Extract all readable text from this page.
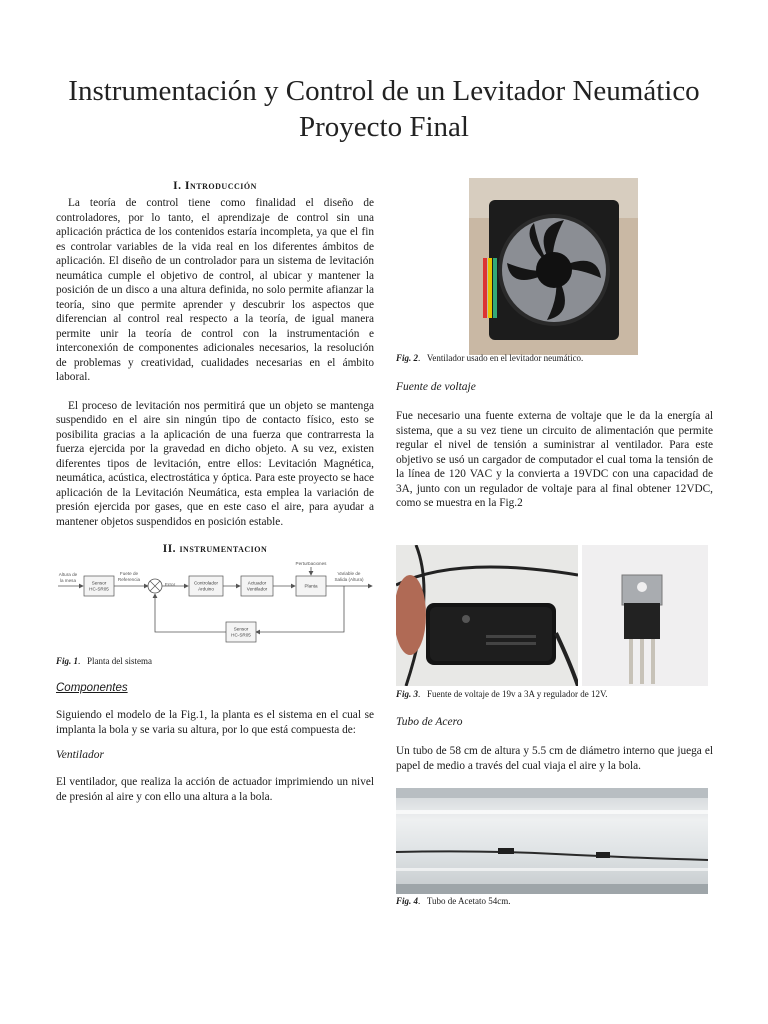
Instrumentación y Control de un Levitador Neumático
Proyecto Final
I. Introducción

La teoría de control tiene como finalidad el diseño de controladores, por lo tanto, el aprendizaje de control sin una aplicación práctica de los contenidos estaría incompleta, ya que el fin es controlar variables de la vida real en los diferentes ámbitos de aplicación. El diseño de un controlador para un sistema de levitación neumática cumple el objetivo de control, al ubicar y mantener la posición de un disco a una altura definida, no solo permite afianzar la teoría, sino que permite aprender y descubrir los aspectos que diferencian al control real respecto a la teoría, de igual manera permite unir la teoría de control con la instrumentación e interconexión de componentes adicionales necesarios, la resolución de problemas y creatividad, cualidades necesarias en el ámbito laboral.

El proceso de levitación nos permitirá que un objeto se mantenga suspendido en el aire sin ningún tipo de contacto físico, esto se posibilita gracias a la aplicación de una fuerza que contrarresta la fuerza ejercida por la gravedad en dicho objeto. A su vez, existen diferentes tipos de levitación, entre ellos: Levitación Magnética, neumática, acústica, electrostática y óptica. Para este proyecto se hace aplicación de la Levitación Neumática, esta emplea la variación de presión ejercida por gases, que en este caso el aire, para ayudar a mantener objetos suspendidos en posición estable.

II. instrumentacion
Altura de
la mesa
Fuete de
Referencia
Error
Perturbaciones
Variable de
Salida (Altura)
Sensor
HC-SR05
Controlador
Arduino
Actuador
Ventilador
Planta
Sensor
HC-SR05

Fig. 1.   Planta del sistema

Componentes

Siguiendo el modelo de la Fig.1, la planta es el sistema en el cual se implanta la bola y se varia su altura, por lo que está compuesta de:

Ventilador

El ventilador, que realiza la acción de actuador imprimiendo un nivel de presión al aire y con ello una altura a la bola.

Fig. 2.   Ventilador usado en el levitador neumático.

Fuente de voltaje

Fue necesario una fuente externa de voltaje que le da la energía al sistema, que a su vez tiene un circuito de alimentación que permite regular el nivel de tensión a suministrar al ventilador. Para este objetivo se usó un cargador de computador el cual toma la tensión de la línea de 120 VAC y la convierta a 19VDC con una capacidad de 3A, junto con un regulador de voltaje para al final obtener 12VDC, como se muestra en la Fig.2

Fig. 3.   Fuente de voltaje de 19v a 3A y regulador de 12V.

Tubo de Acero

Un tubo de 58 cm de altura y 5.5 cm de diámetro interno que juega el papel de medio a través del cual viaja el aire y la bola.

Fig. 4.   Tubo de Acetato 54cm.
